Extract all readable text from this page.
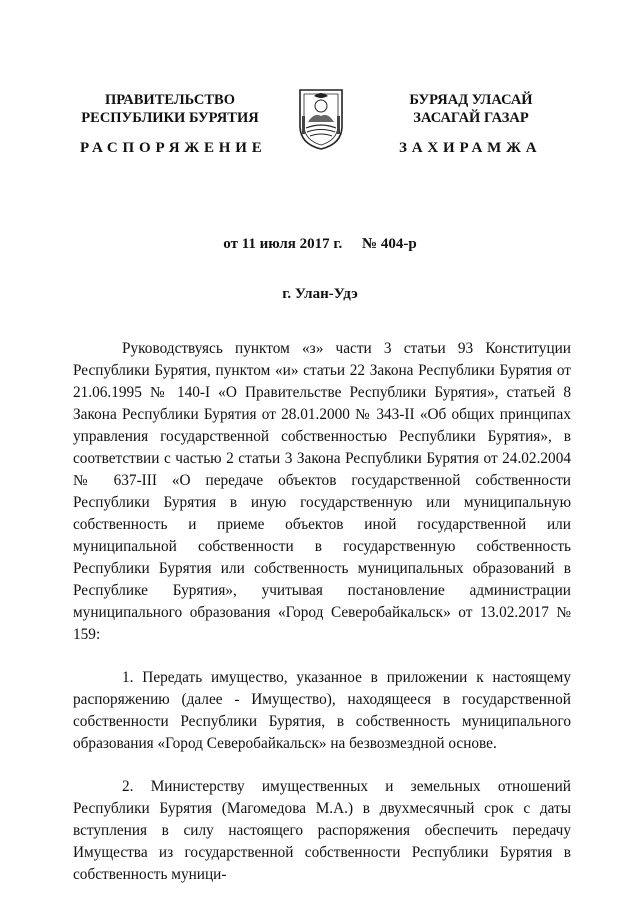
ПРАВИТЕЛЬСТВО
РЕСПУБЛИКИ БУРЯТИЯ
БУРЯАД УЛАСАЙ
ЗАСАГАЙ ГАЗАР
РАСПОРЯЖЕНИЕ	ЗАХИРАМЖА
от 11 июля 2017 г. № 404-р
г. Улан-Удэ

Руководствуясь пунктом «з» части 3 статьи 93 Конституции Республики Бурятия, пунктом «и» статьи 22 Закона Республики Бурятия от 21.06.1995 № 140-I «О Правительстве Республики Бурятия», статьей 8 Закона Республики Бурятия от 28.01.2000 № 343-II «Об общих принципах управления государственной собственностью Республики Бурятия», в соответствии с частью 2 статьи 3 Закона Республики Бурятия от 24.02.2004 № 637-III «О передаче объектов государственной собственности Республики Бурятия в иную государственную или муниципальную собственность и приеме объектов иной государственной или муниципальной собственности в государственную собственность Республики Бурятия или собственность муниципальных образований в Республике Бурятия», учитывая постановление администрации муниципального образования «Город Северобайкальск» от 13.02.2017 № 159:

1. Передать имущество, указанное в приложении к настоящему распоряжению (далее - Имущество), находящееся в государственной собственности Республики Бурятия, в собственность муниципального образования «Город Северобайкальск» на безвозмездной основе.

2. Министерству имущественных и земельных отношений Республики Бурятия (Магомедова М.А.) в двухмесячный срок с даты вступления в силу настоящего распоряжения обеспечить передачу Имущества из государственной собственности Республики Бурятия в собственность муници-
